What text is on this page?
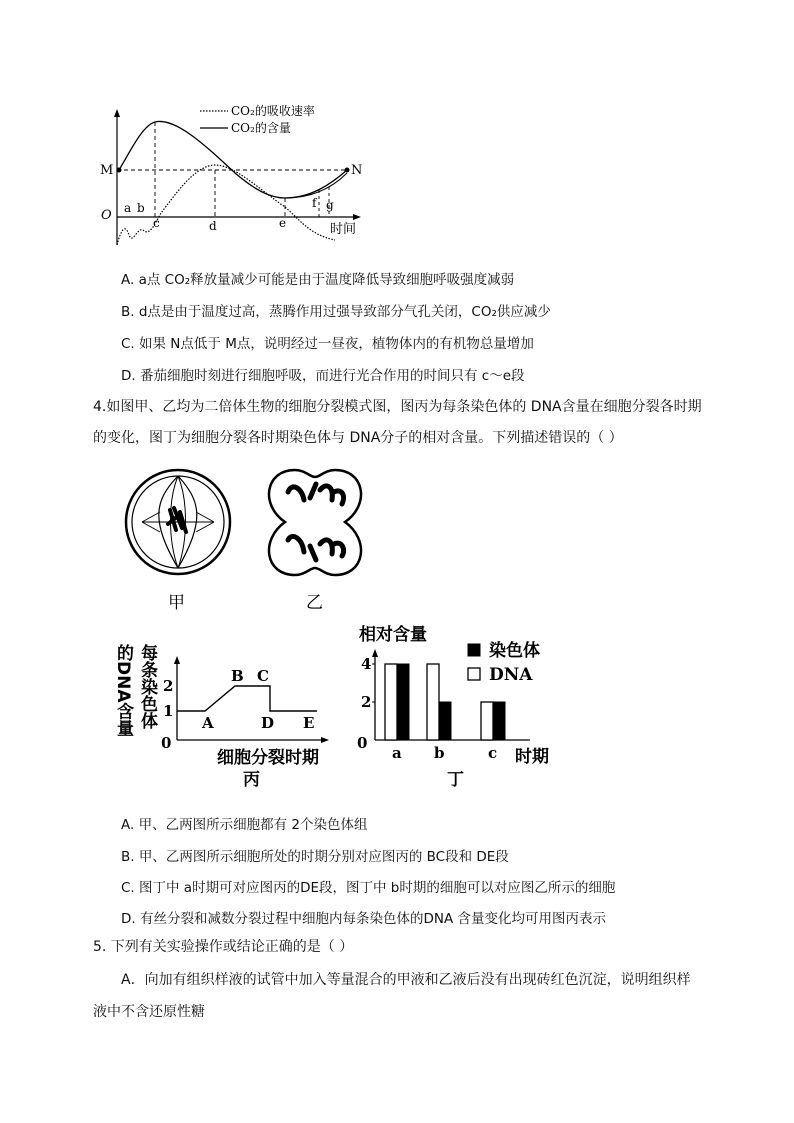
CO₂的吸收速率
CO₂的含量
M	N
O a b
c	d	e
f g
时间
A. a点 CO₂释放量减少可能是由于温度降低导致细胞呼吸强度减弱
B. d点是由于温度过高，蒸腾作用过强导致部分气孔关闭，CO₂供应减少
C. 如果 N点低于 M点，说明经过一昼夜，植物体内的有机物总量增加
D. 番茄细胞时刻进行细胞呼吸，而进行光合作用的时间只有 c～e段
4.如图甲、乙均为二倍体生物的细胞分裂模式图，图丙为每条染色体的 DNA含量在细胞分裂各时期
的变化，图丁为细胞分裂各时期染色体与 DNA分子的相对含量。下列描述错误的（ ）
甲	乙
的DNA含量 每条染色体
0
1
2
A
B C
D E
细胞分裂时期
丙
相对含量
0
2
4
a b	c
染色体
DNA
时期
丁
A. 甲、乙两图所示细胞都有 2个染色体组
B. 甲、乙两图所示细胞所处的时期分别对应图丙的 BC段和 DE段
C. 图丁中 a时期可对应图丙的DE段，图丁中 b时期的细胞可以对应图乙所示的细胞
D. 有丝分裂和减数分裂过程中细胞内每条染色体的DNA 含量变化均可用图丙表示
5. 下列有关实验操作或结论正确的是（ ）
A．向加有组织样液的试管中加入等量混合的甲液和乙液后没有出现砖红色沉淀，说明组织样
液中不含还原性糖
